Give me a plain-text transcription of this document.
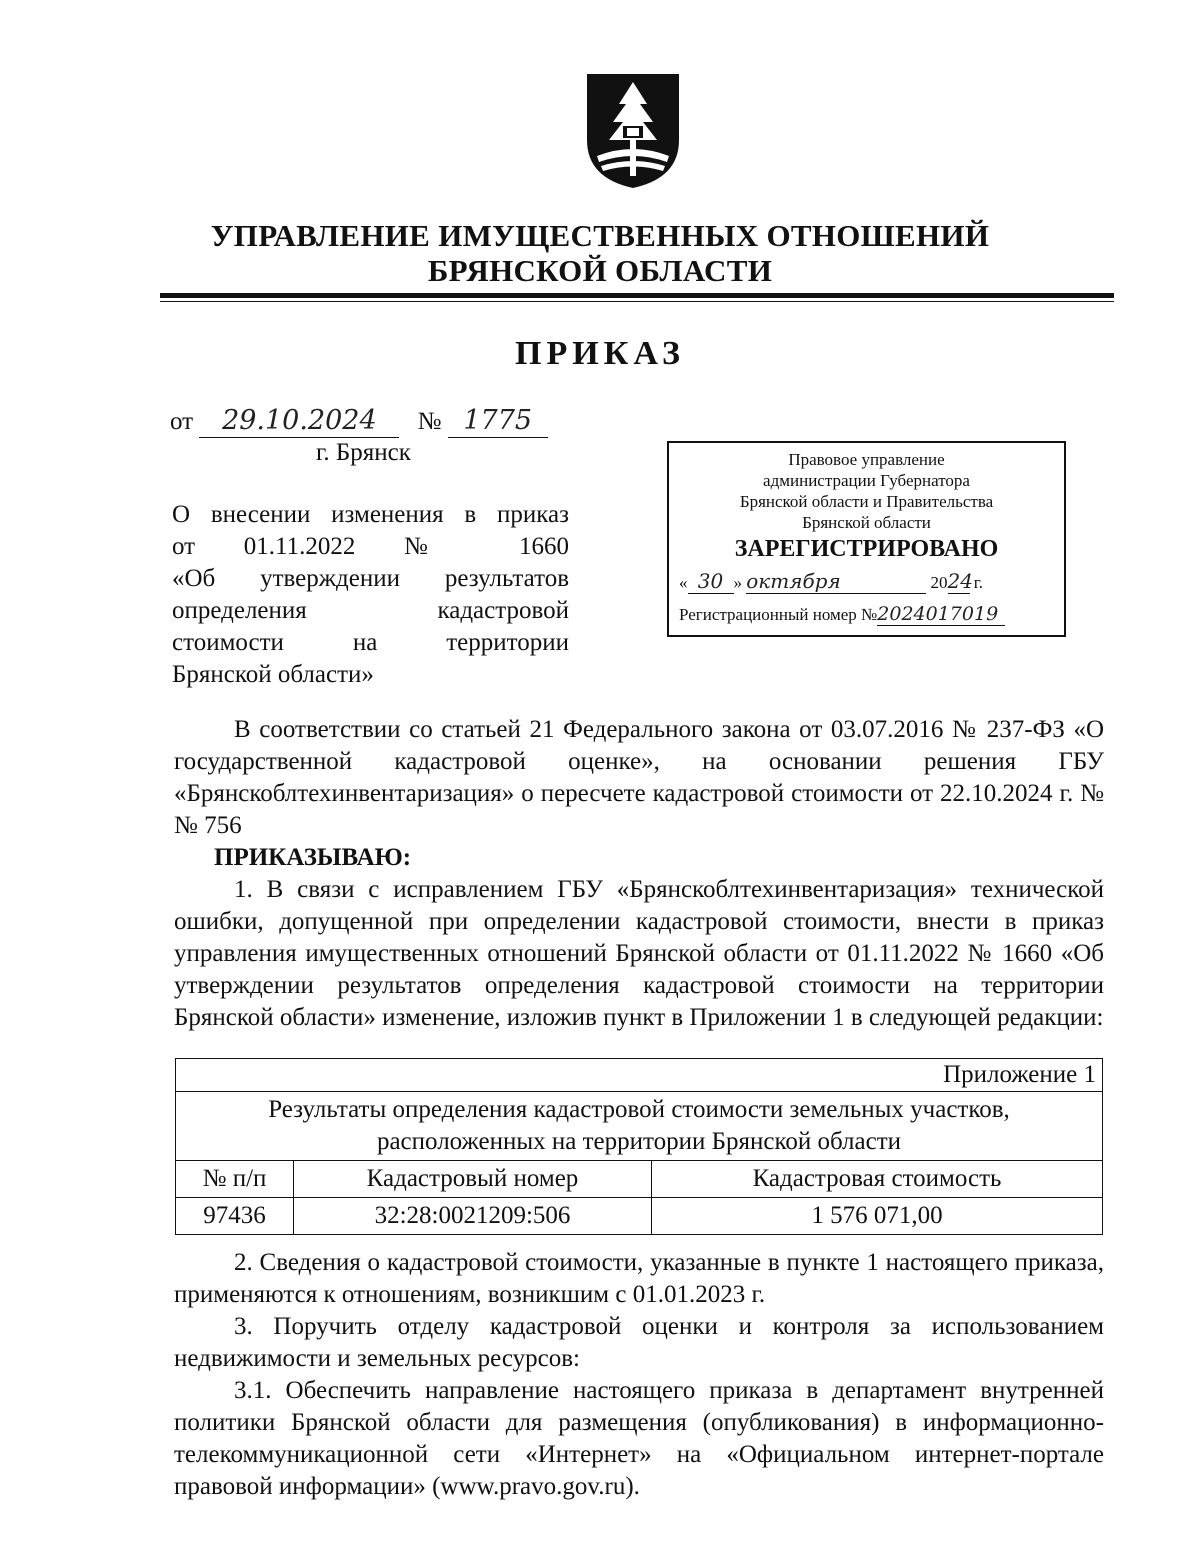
УПРАВЛЕНИЕ ИМУЩЕСТВЕННЫХ ОТНОШЕНИЙ
БРЯНСКОЙ ОБЛАСТИ
ПРИКАЗ
от 29.10.2024 № 1775
г. Брянск
О внесении изменения в приказ
от 01.11.2022 № 1660
«Об утверждении результатов
определения кадастровой
стоимости на территории
Брянской области»
Правовое управление
администрации Губернатора
Брянской области и Правительства
Брянской области
ЗАРЕГИСТРИРОВАНО
« 30 » октября	2024 г.
Регистрационный номер №2024017019
В соответствии со статьей 21 Федерального закона от 03.07.2016 № 237-ФЗ «О государственной кадастровой оценке», на основании решения ГБУ «Брянскоблтехинвентаризация» о пересчете кадастровой стоимости от 22.10.2024 г. №№ 756
ПРИКАЗЫВАЮ:
1. В связи с исправлением ГБУ «Брянскоблтехинвентаризация» технической ошибки, допущенной при определении кадастровой стоимости, внести в приказ управления имущественных отношений Брянской области от 01.11.2022 № 1660 «Об утверждении результатов определения кадастровой стоимости на территории Брянской области» изменение, изложив пункт в Приложении 1 в следующей редакции:
Приложение 1		

Результаты определения кадастровой стоимости земельных участков,
расположенных на территории Брянской области		

№ п/п	Кадастровый номер	Кадастровая стоимость
97436	32:28:0021209:506	1 576 071,00
2. Сведения о кадастровой стоимости, указанные в пункте 1 настоящего приказа, применяются к отношениям, возникшим с 01.01.2023 г.
3. Поручить отделу кадастровой оценки и контроля за использованием недвижимости и земельных ресурсов:
3.1. Обеспечить направление настоящего приказа в департамент внутренней политики Брянской области для размещения (опубликования) в информационно-телекоммуникационной сети «Интернет» на «Официальном интернет-портале правовой информации» (www.pravo.gov.ru).
